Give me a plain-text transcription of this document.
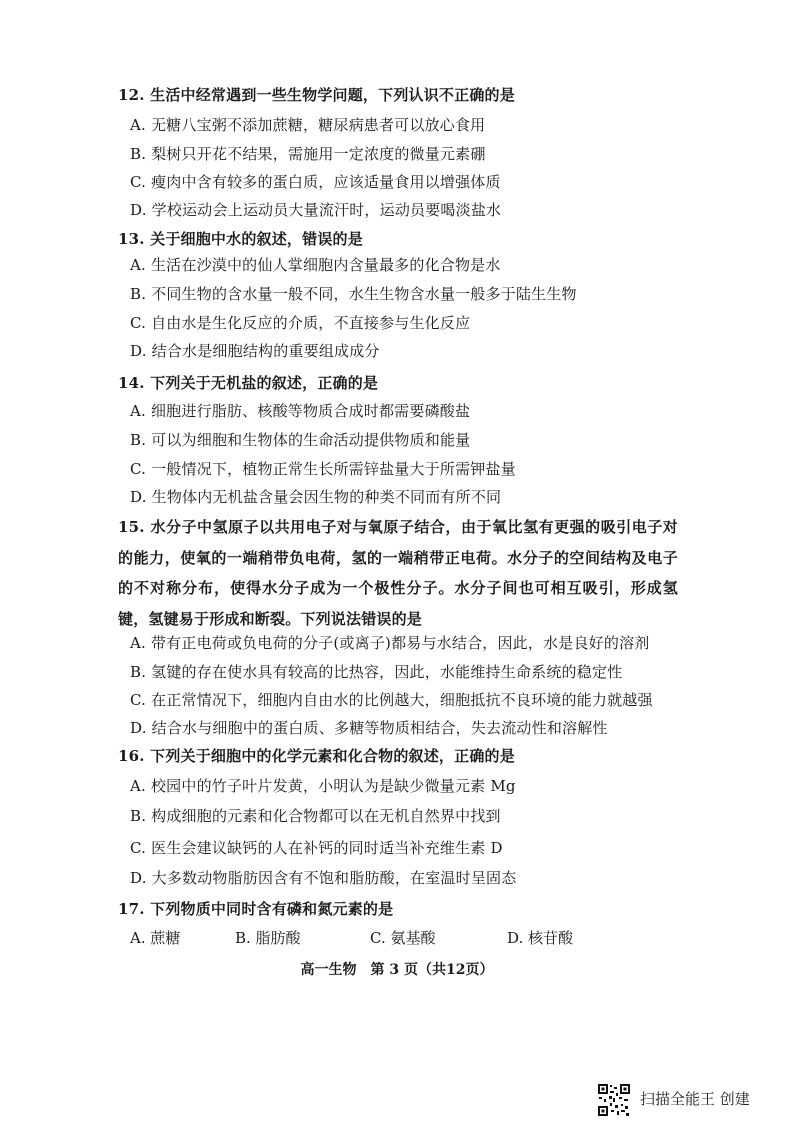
12. 生活中经常遇到一些生物学问题，下列认识不正确的是
A. 无糖八宝粥不添加蔗糖，糖尿病患者可以放心食用
B. 梨树只开花不结果，需施用一定浓度的微量元素硼
C. 瘦肉中含有较多的蛋白质，应该适量食用以增强体质
D. 学校运动会上运动员大量流汗时，运动员要喝淡盐水
13. 关于细胞中水的叙述，错误的是
A. 生活在沙漠中的仙人掌细胞内含量最多的化合物是水
B. 不同生物的含水量一般不同，水生生物含水量一般多于陆生生物
C. 自由水是生化反应的介质，不直接参与生化反应
D. 结合水是细胞结构的重要组成成分
14. 下列关于无机盐的叙述，正确的是
A. 细胞进行脂肪、核酸等物质合成时都需要磷酸盐
B. 可以为细胞和生物体的生命活动提供物质和能量
C. 一般情况下，植物正常生长所需锌盐量大于所需钾盐量
D. 生物体内无机盐含量会因生物的种类不同而有所不同
15. 水分子中氢原子以共用电子对与氧原子结合，由于氧比氢有更强的吸引电子对的能力，使氧的一端稍带负电荷，氢的一端稍带正电荷。水分子的空间结构及电子的不对称分布，使得水分子成为一个极性分子。水分子间也可相互吸引，形成氢键，氢键易于形成和断裂。下列说法错误的是
A. 带有正电荷或负电荷的分子(或离子)都易与水结合，因此，水是良好的溶剂
B. 氢键的存在使水具有较高的比热容，因此，水能维持生命系统的稳定性
C. 在正常情况下，细胞内自由水的比例越大，细胞抵抗不良环境的能力就越强
D. 结合水与细胞中的蛋白质、多糖等物质相结合，失去流动性和溶解性
16. 下列关于细胞中的化学元素和化合物的叙述，正确的是
A. 校园中的竹子叶片发黄，小明认为是缺少微量元素 Mg
B. 构成细胞的元素和化合物都可以在无机自然界中找到
C. 医生会建议缺钙的人在补钙的同时适当补充维生素 D
D. 大多数动物脂肪因含有不饱和脂肪酸，在室温时呈固态
17. 下列物质中同时含有磷和氮元素的是
A. 蔗糖	B. 脂肪酸	C. 氨基酸	D. 核苷酸
高一生物　第 3 页（共12页）
扫描全能王 创建
